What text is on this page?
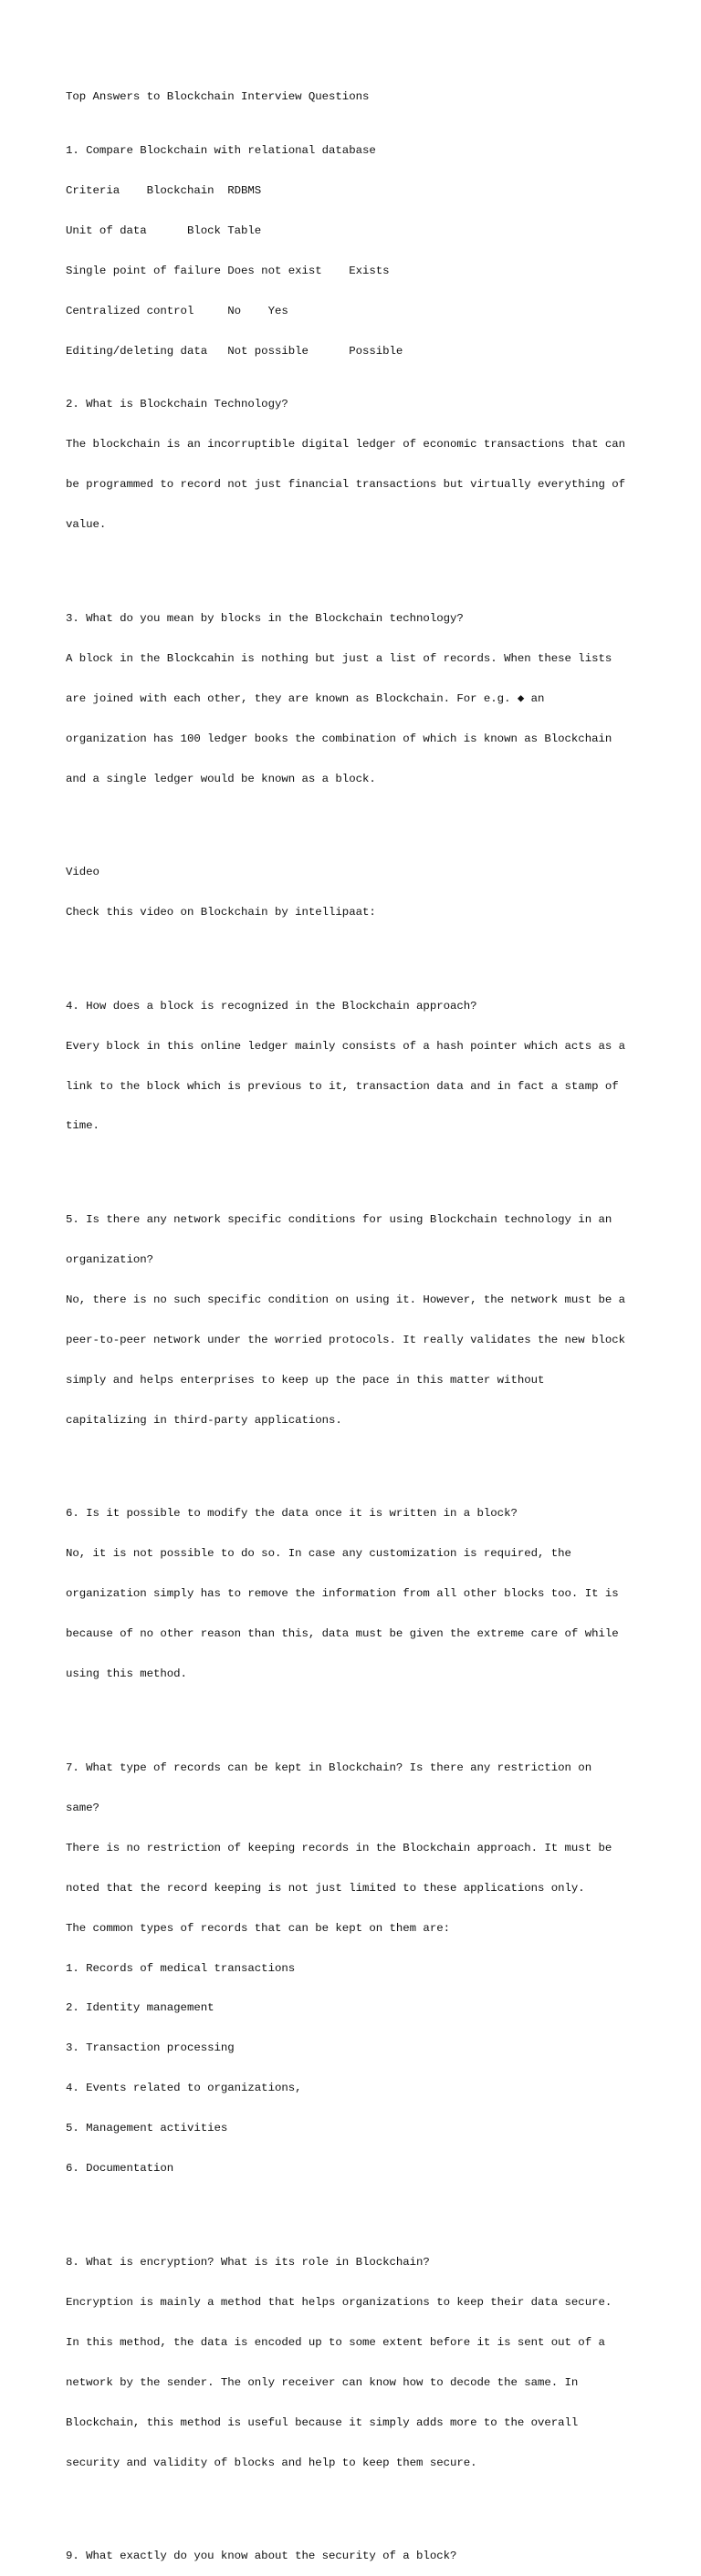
Top Answers to Blockchain Interview Questions

1. Compare Blockchain with relational database

Criteria    Blockchain  RDBMS

Unit of data      Block Table

Single point of failure Does not exist    Exists

Centralized control     No    Yes

Editing/deleting data   Not possible      Possible

2. What is Blockchain Technology?

The blockchain is an incorruptible digital ledger of economic transactions that can

be programmed to record not just financial transactions but virtually everything of

value.

3. What do you mean by blocks in the Blockchain technology?

A block in the Blockcahin is nothing but just a list of records. When these lists

are joined with each other, they are known as Blockchain. For e.g. ◆ an

organization has 100 ledger books the combination of which is known as Blockchain

and a single ledger would be known as a block.

Video

Check this video on Blockchain by intellipaat:

4. How does a block is recognized in the Blockchain approach?

Every block in this online ledger mainly consists of a hash pointer which acts as a

link to the block which is previous to it, transaction data and in fact a stamp of

time.

5. Is there any network specific conditions for using Blockchain technology in an

organization?

No, there is no such specific condition on using it. However, the network must be a

peer-to-peer network under the worried protocols. It really validates the new block

simply and helps enterprises to keep up the pace in this matter without

capitalizing in third-party applications.

6. Is it possible to modify the data once it is written in a block?

No, it is not possible to do so. In case any customization is required, the

organization simply has to remove the information from all other blocks too. It is

because of no other reason than this, data must be given the extreme care of while

using this method.

7. What type of records can be kept in Blockchain? Is there any restriction on

same?

There is no restriction of keeping records in the Blockchain approach. It must be

noted that the record keeping is not just limited to these applications only.

The common types of records that can be kept on them are:

1. Records of medical transactions

2. Identity management

3. Transaction processing

4. Events related to organizations,

5. Management activities

6. Documentation

8. What is encryption? What is its role in Blockchain?

Encryption is mainly a method that helps organizations to keep their data secure.

In this method, the data is encoded up to some extent before it is sent out of a

network by the sender. The only receiver can know how to decode the same. In

Blockchain, this method is useful because it simply adds more to the overall

security and validity of blocks and help to keep them secure.

9. What exactly do you know about the security of a block?
